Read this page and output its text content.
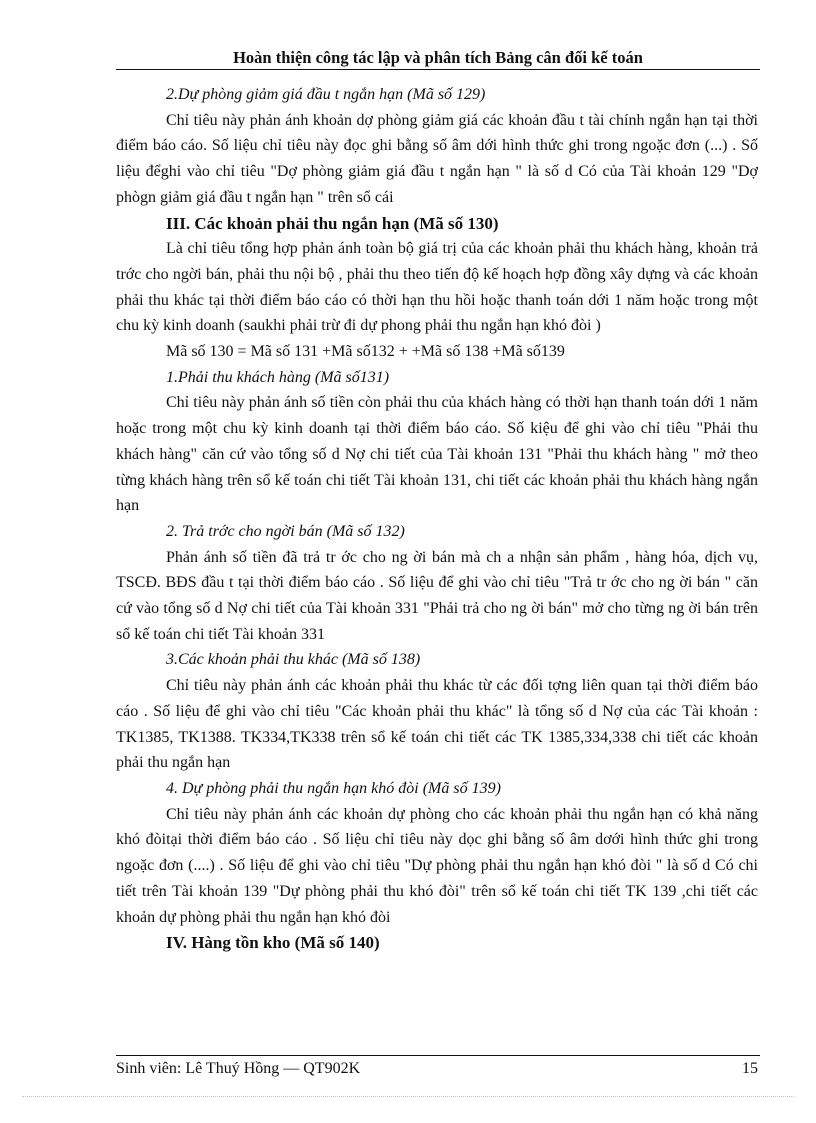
Hoàn thiện công tác lập và phân tích Bảng cân đối kế toán

2.Dự phòng giảm giá đầu t ngắn hạn (Mã số 129)

Chỉ tiêu này phản ánh khoản dợ phòng giảm giá các khoản đầu t tài chính ngắn hạn tại thời điểm báo cáo. Số liệu chỉ tiêu này đọc ghi bằng số âm dới hình thức ghi trong ngoặc đơn (...) . Số liệu đểghi vào chỉ tiêu "Dợ phòng giảm giá đầu t ngắn hạn " là số d Có của Tài khoản 129 "Dợ phògn giảm giá đầu t ngắn hạn " trên sổ cái

III. Các khoản phải thu ngắn hạn (Mã số 130)

Là chỉ tiêu tổng hợp phản ánh toàn bộ giá trị của các khoản phải thu khách hàng, khoản trả trớc cho ngời bán, phải thu nội bộ , phải thu theo tiến độ kế hoạch hợp đồng xây dựng và các khoản phải thu khác tại thời điểm báo cáo có thời hạn thu hồi hoặc thanh toán dới 1 năm hoặc trong một chu kỳ kinh doanh (saukhi phải trừ đi dự phong phải thu ngắn hạn khó đòi )

Mã số 130 = Mã số 131 +Mã số132 + +Mã số 138 +Mã số139

1.Phải thu khách hàng (Mã số131)

Chỉ tiêu này phản ánh số tiền còn phải thu của khách hàng có thời hạn thanh toán dới 1 năm hoặc trong một chu kỳ kinh doanh tại thời điểm báo cáo. Số kiệu để ghi vào chỉ tiêu "Phải thu khách hàng" căn cứ vào tổng số d Nợ chi tiết của Tài khoản 131 "Phải thu khách hàng " mở theo từng khách hàng trên sổ kế toán chi tiết Tài khoản 131, chi tiết các khoản phải thu khách hàng ngắn hạn

2. Trả trớc cho ngời bán (Mã số 132)

Phản ánh số tiền đã trả tr ớc cho ng ời bán mà ch a nhận sản phẩm , hàng hóa, dịch vụ, TSCĐ. BĐS đầu t tại thời điểm báo cáo . Số liệu để ghi vào chỉ tiêu "Trả tr ớc cho ng ời bán " căn cứ vào tổng số d Nợ chi tiết của Tài khoản 331 "Phải trả cho ng ời bán" mở cho từng ng ời bán trên sổ kế toán chi tiết Tài khoản 331

3.Các khoản phải thu khác (Mã số 138)

Chỉ tiêu này phản ánh các khoản phải thu khác từ các đối tợng liên quan tại thời điểm báo cáo . Số liệu để ghi vào chỉ tiêu "Các khoản phải thu khác" là tổng số d Nợ của các Tài khoản : TK1385, TK1388. TK334,TK338 trên sổ kế toán chi tiết các TK 1385,334,338 chi tiết các khoản phải thu ngắn hạn

4. Dự phòng phải thu ngắn hạn khó đòi (Mã số 139)

Chỉ tiêu này phản ánh các khoản dự phòng cho các khoản phải thu ngắn hạn có khả năng khó đòitại thời điểm báo cáo . Số liệu chỉ tiêu này dọc ghi bằng số âm dơới hình thức ghi trong ngoặc đơn (....) . Số liệu để ghi vào chỉ tiêu "Dự phòng phải thu ngắn hạn khó đòi " là số d Có chi tiết trên Tài khoản 139 "Dự phòng phải thu khó đòi" trên sổ kế toán chi tiết TK 139 ,chi tiết các khoản dự phòng phải thu ngắn hạn khó đòi

IV. Hàng tồn kho (Mã số 140)

Sinh viên: Lê Thuý Hồng — QT902K	15
